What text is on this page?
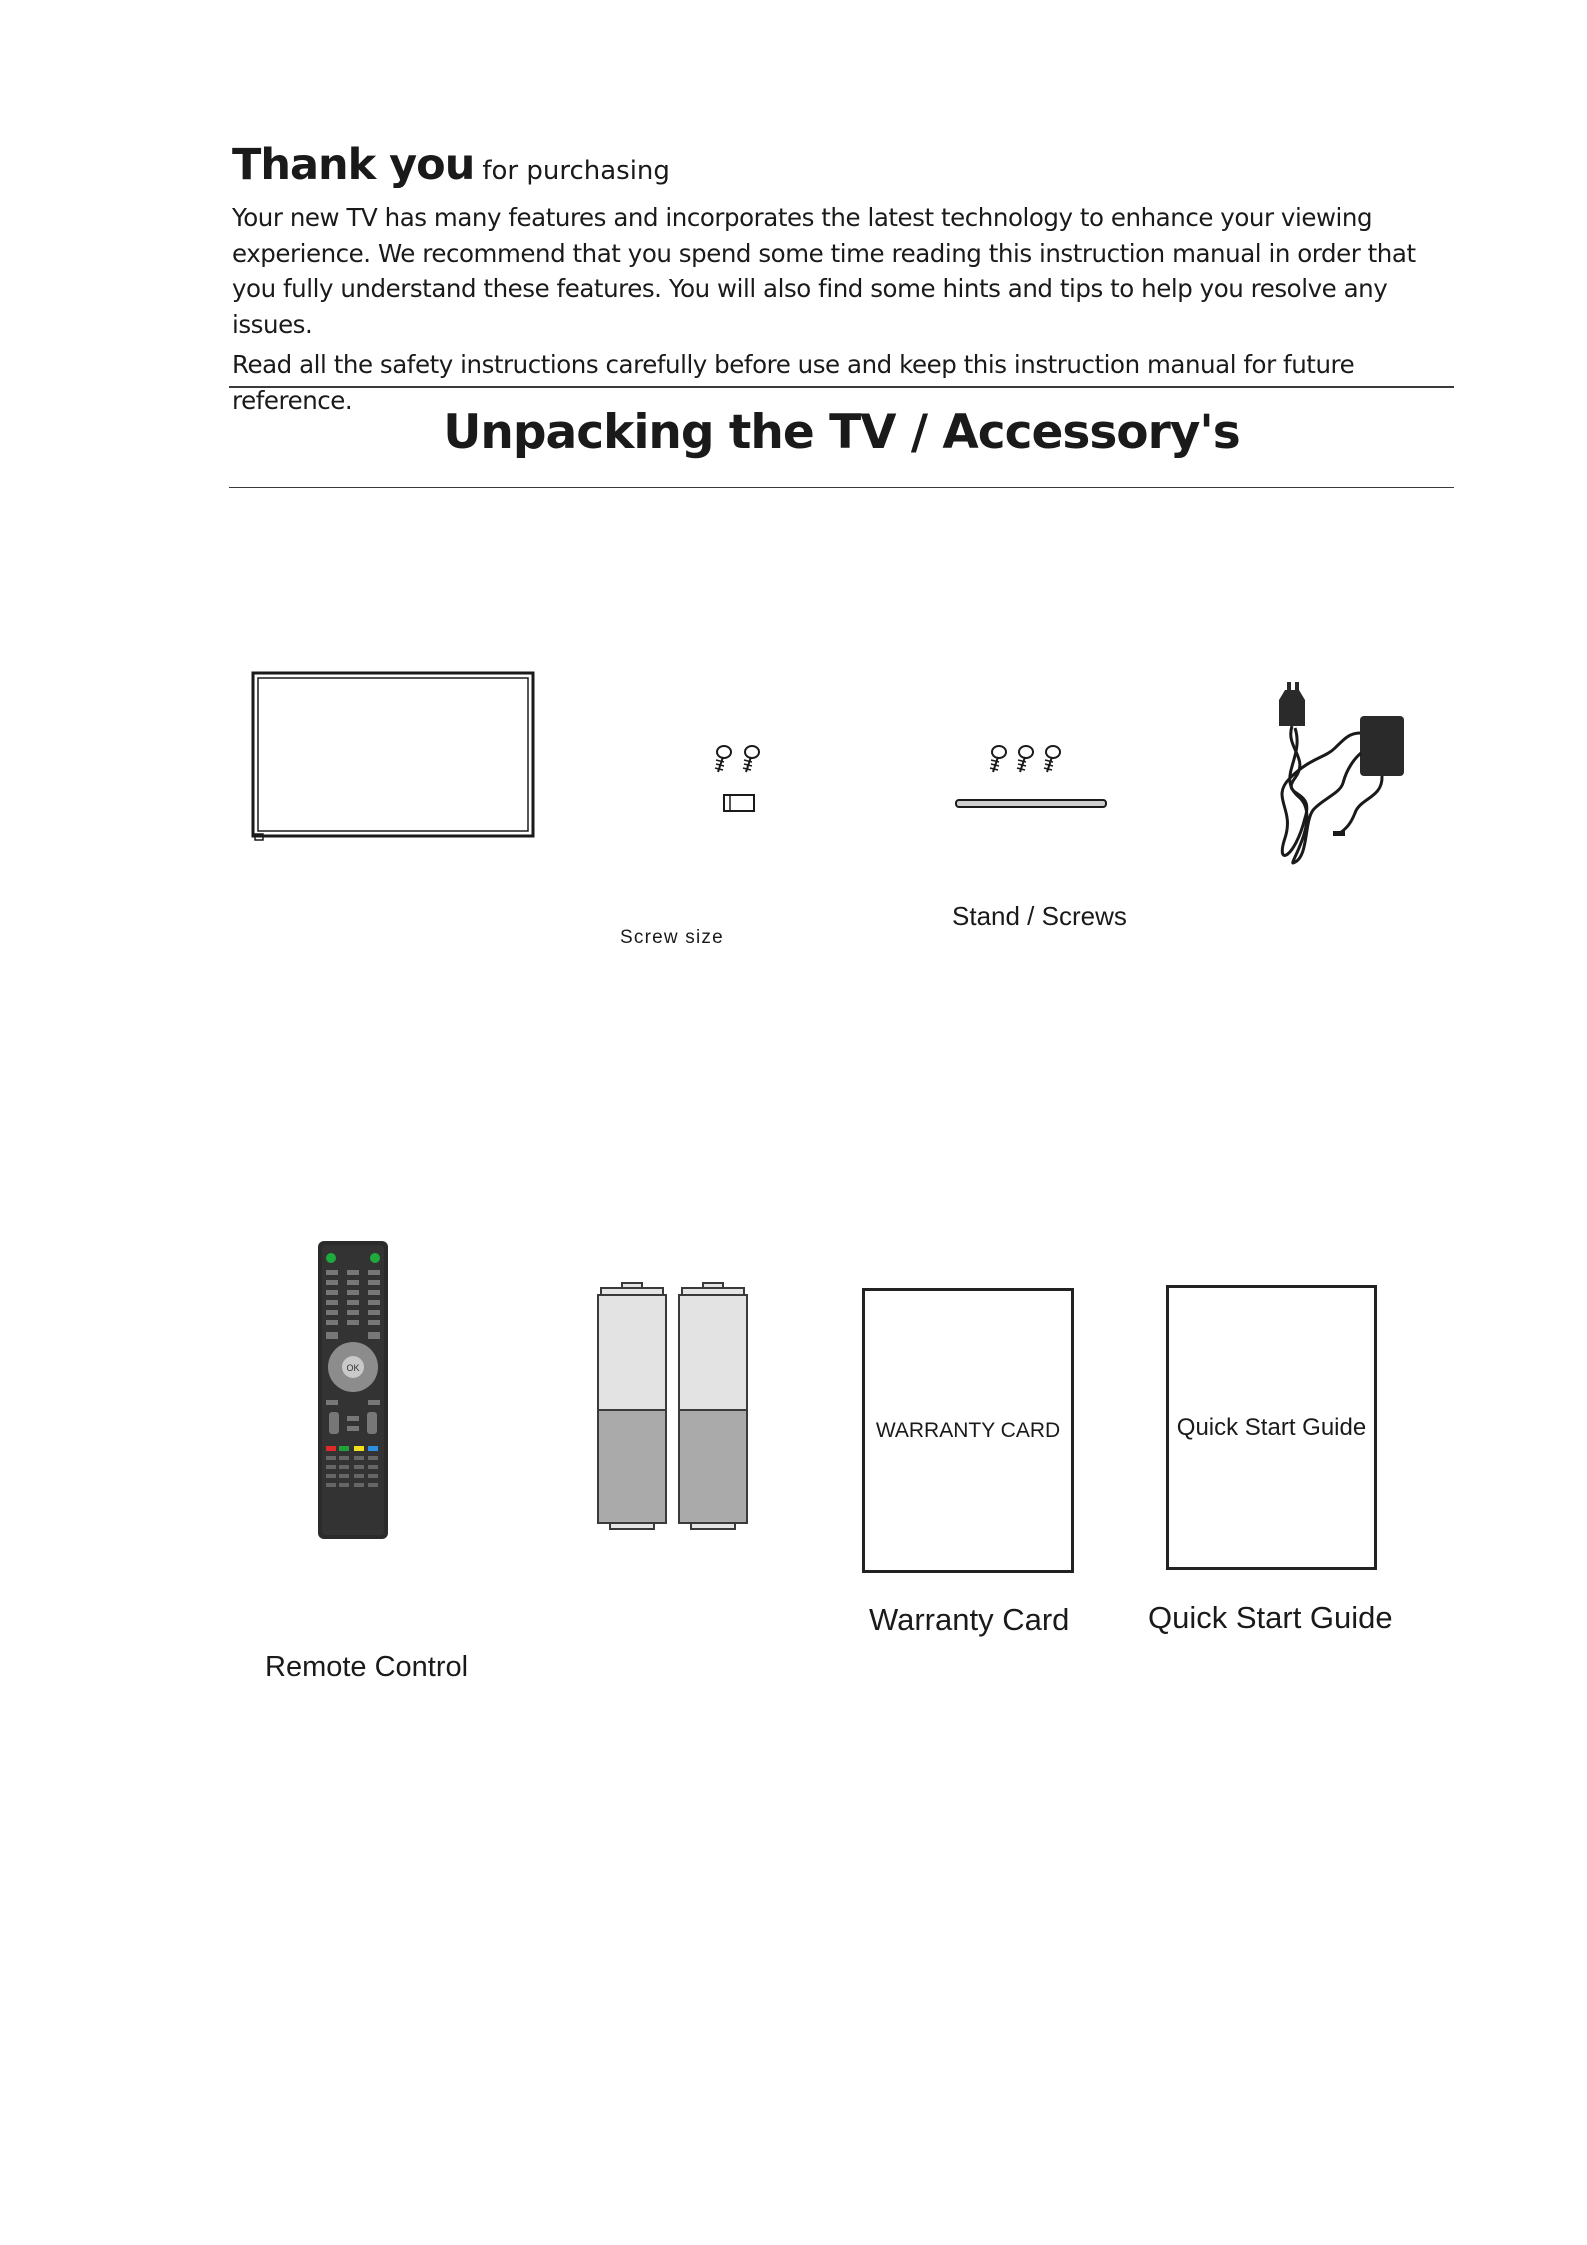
Thank you for purchasing

Your new TV has many features and incorporates the latest technology to enhance your viewing experience. We recommend that you spend some time reading this instruction manual in order that you fully understand these features. You will also find some hints and tips to help you resolve any issues.

Read all the safety instructions carefully before use and keep this instruction manual for future reference.

Unpacking the TV / Accessory's
Screw size
Stand / Screws
OK
WARRANTY CARD	Quick Start Guide
Remote Control
Warranty Card	Quick Start Guide
